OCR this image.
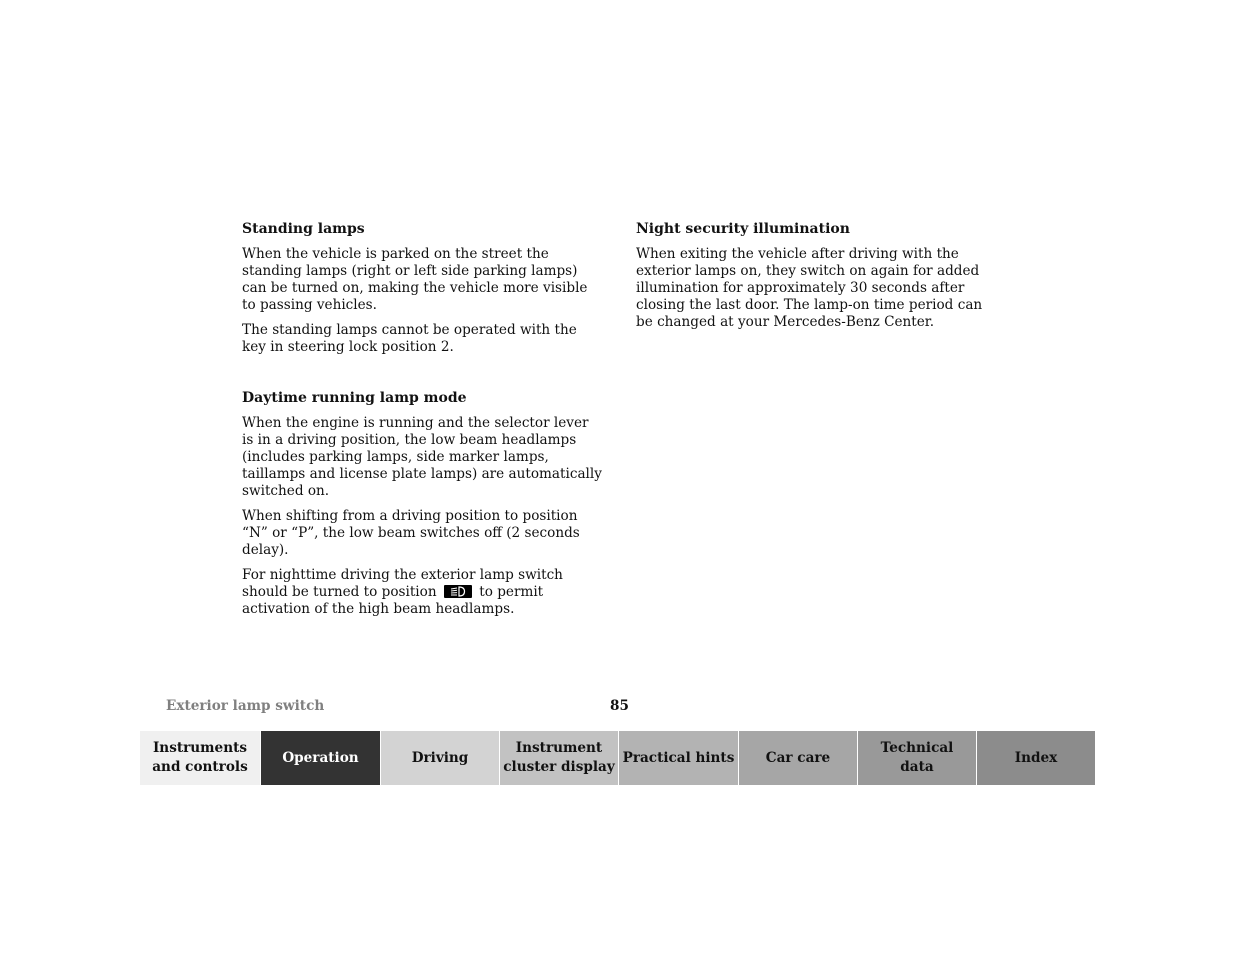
Standing lamps

When the vehicle is parked on the street the standing lamps (right or left side parking lamps) can be turned on, making the vehicle more visible to passing vehicles.

The standing lamps cannot be operated with the key in steering lock position 2.

Daytime running lamp mode

When the engine is running and the selector lever is in a driving position, the low beam headlamps (includes parking lamps, side marker lamps, taillamps and license plate lamps) are automatically switched on.

When shifting from a driving position to position “N” or “P”, the low beam switches off (2 seconds delay).

For nighttime driving the exterior lamp switch should be turned to position	to permit activation of the high beam headlamps.

Night security illumination

When exiting the vehicle after driving with the exterior lamps on, they switch on again for added illumination for approximately 30 seconds after closing the last door. The lamp-on time period can be changed at your Mercedes-Benz Center.

Exterior lamp switch	85
Instruments
and controls
Operation	Driving
Instrument
cluster display
Practical hints	Car care
Technical
data
Index
